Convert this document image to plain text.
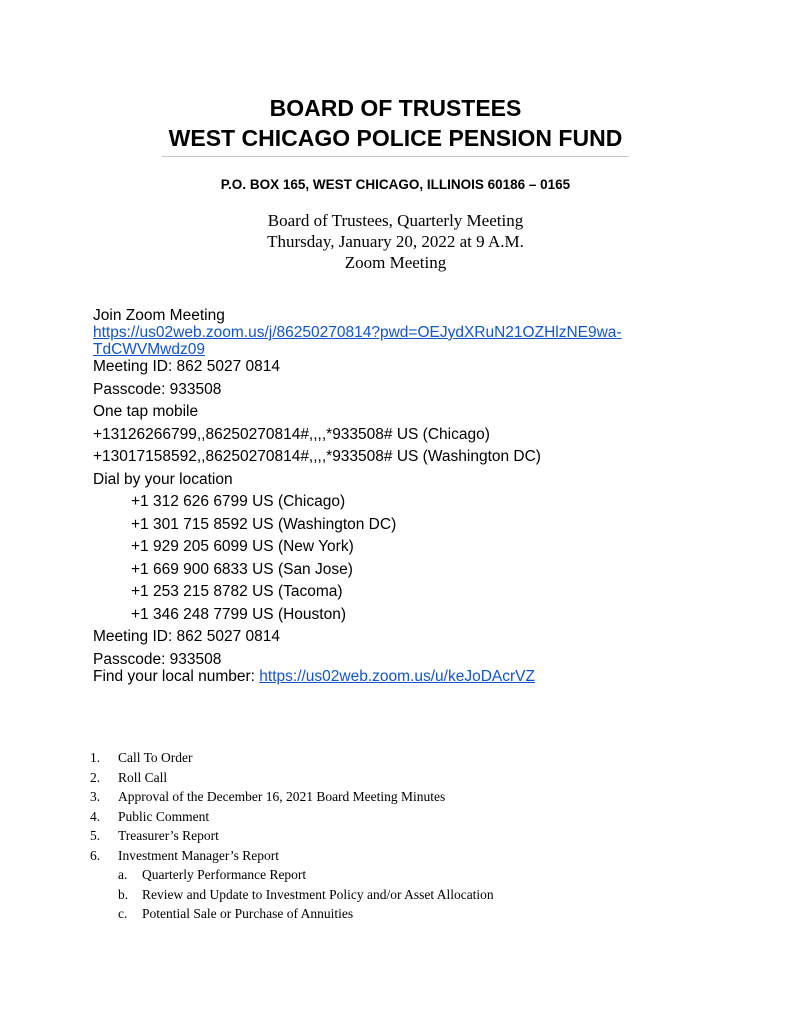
BOARD OF TRUSTEES
WEST CHICAGO POLICE PENSION FUND
P.O. BOX 165, WEST CHICAGO, ILLINOIS 60186 – 0165
Board of Trustees, Quarterly Meeting
Thursday, January 20, 2022 at 9 A.M.
Zoom Meeting
Join Zoom Meeting
https://us02web.zoom.us/j/86250270814?pwd=OEJydXRuN21OZHlzNE9wa-
TdCWVMwdz09
Meeting ID: 862 5027 0814
Passcode: 933508
One tap mobile
+13126266799,,86250270814#,,,,*933508# US (Chicago)
+13017158592,,86250270814#,,,,*933508# US (Washington DC)
Dial by your location
+1 312 626 6799 US (Chicago)
+1 301 715 8592 US (Washington DC)
+1 929 205 6099 US (New York)
+1 669 900 6833 US (San Jose)
+1 253 215 8782 US (Tacoma)
+1 346 248 7799 US (Houston)
Meeting ID: 862 5027 0814
Passcode: 933508
Find your local number: https://us02web.zoom.us/u/keJoDAcrVZ
1. Call To Order
2. Roll Call
3. Approval of the December 16, 2021 Board Meeting Minutes
4. Public Comment
5. Treasurer’s Report
6. Investment Manager’s Report
a. Quarterly Performance Report
b. Review and Update to Investment Policy and/or Asset Allocation
c. Potential Sale or Purchase of Annuities
